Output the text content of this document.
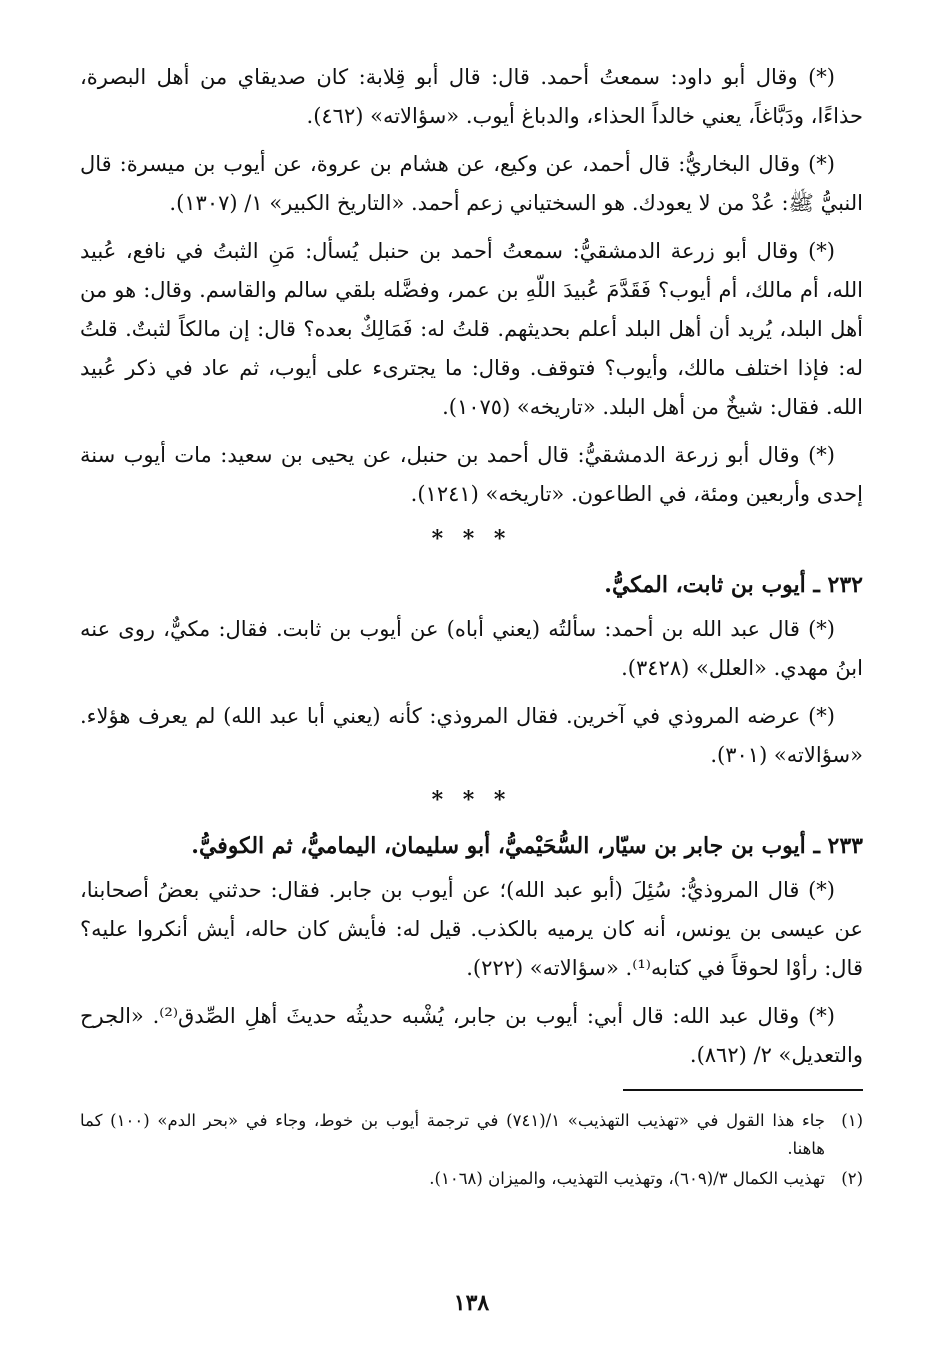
(*) وقال أبو داود: سمعتُ أحمد. قال: قال أبو قِلابة: كان صديقاي من أهل البصرة، حذاءًا، ودَبَّاغاً، يعني خالداً الحذاء، والدباغ أيوب. «سؤالاته» (٤٦٢).

(*) وقال البخاريُّ: قال أحمد، عن وكيع، عن هشام بن عروة، عن أيوب بن ميسرة: قال النبيُّ ﷺ: عُدْ من لا يعودك. هو السختياني زعم أحمد. «التاريخ الكبير» ١/ (١٣٠٧).

(*) وقال أبو زرعة الدمشقيُّ: سمعتُ أحمد بن حنبل يُسأل: مَنِ الثبتُ في نافع، عُبيد الله، أم مالك، أم أيوب؟ فَقَدَّمَ عُبيدَ اللّهِ بن عمر، وفضَّله بلقي سالم والقاسم. وقال: هو من أهل البلد، يُريد أن أهل البلد أعلم بحديثهم. قلتُ له: فَمَالِكٌ بعده؟ قال: إن مالكاً لثبتٌ. قلتُ له: فإذا اختلف مالك، وأيوب؟ فتوقف. وقال: ما يجترىء على أيوب، ثم عاد في ذكر عُبيد الله. فقال: شيخٌ من أهل البلد. «تاريخه» (١٠٧٥).

(*) وقال أبو زرعة الدمشقيُّ: قال أحمد بن حنبل، عن يحيى بن سعيد: مات أيوب سنة إحدى وأربعين ومئة، في الطاعون. «تاريخه» (١٢٤١).

* * *
٢٣٢ ـ أيوب بن ثابت، المكيُّ.

(*) قال عبد الله بن أحمد: سألتُه (يعني أباه) عن أيوب بن ثابت. فقال: مكيٌّ، روى عنه ابنُ مهدي. «العلل» (٣٤٢٨).

(*) عرضه المروذي في آخرين. فقال المروذي: كأنه (يعني أبا عبد الله) لم يعرف هؤلاء. «سؤالاته» (٣٠١).

* * *
٢٣٣ ـ أيوب بن جابر بن سيّار، السُّحَيْميُّ، أبو سليمان، اليماميُّ، ثم الكوفيُّ.

(*) قال المروذيُّ: سُئِلَ (أبو عبد الله)؛ عن أيوب بن جابر. فقال: حدثني بعضُ أصحابنا، عن عيسى بن يونس، أنه كان يرميه بالكذب. قيل له: فأيش كان حاله، أيش أنكروا عليه؟ قال: رأوْا لحوقاً في كتابه⁽¹⁾. «سؤالاته» (٢٢٢).

(*) وقال عبد الله: قال أبي: أيوب بن جابر، يُشْبه حديثُه حديثَ أهلِ الصِّدق⁽²⁾. «الجرح والتعديل» ٢/ (٨٦٢).

(١)
جاء هذا القول في «تهذيب التهذيب» ١/(٧٤١) في ترجمة أيوب بن خوط، وجاء في «بحر الدم» (١٠٠) كما هاهنا.
(٢)
تهذيب الكمال ٣/(٦٠٩)، وتهذيب التهذيب، والميزان (١٠٦٨).
١٣٨
